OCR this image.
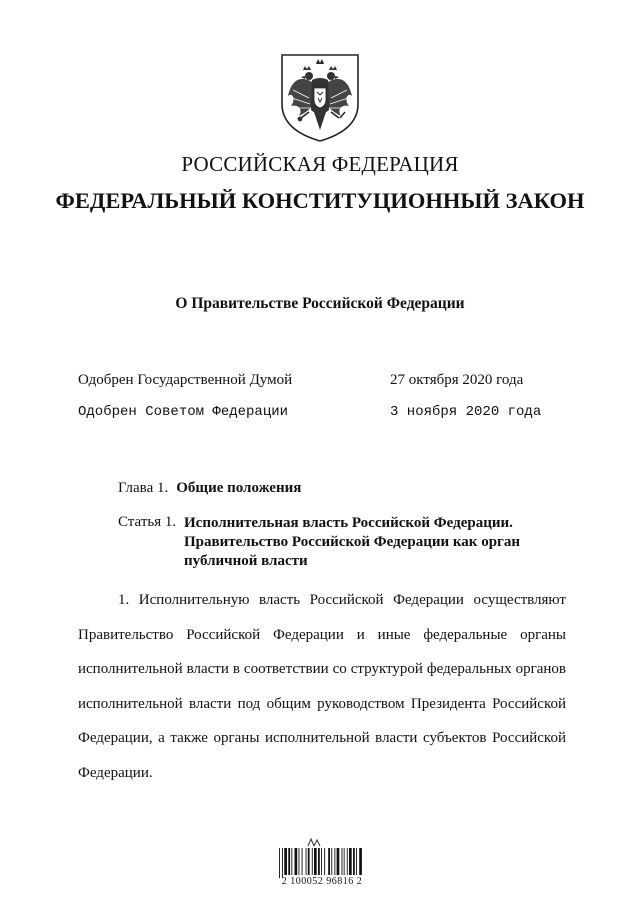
РОССИЙСКАЯ ФЕДЕРАЦИЯ
ФЕДЕРАЛЬНЫЙ КОНСТИТУЦИОННЫЙ ЗАКОН
О Правительстве Российской Федерации
Одобрен Государственной Думой	27 октября 2020 года
Одобрен Советом Федерации	3 ноября 2020 года
Глава 1. Общие положения
Статья 1. Исполнительная власть Российской Федерации.
Правительство Российской Федерации как орган
публичной власти

1. Исполнительную власть Российской Федерации осуществляют Правительство Российской Федерации и иные федеральные органы исполнительной власти в соответствии со структурой федеральных органов исполнительной власти под общим руководством Президента Российской Федерации, а также органы исполнительной власти субъектов Российской Федерации.

2 100052 96816 2
